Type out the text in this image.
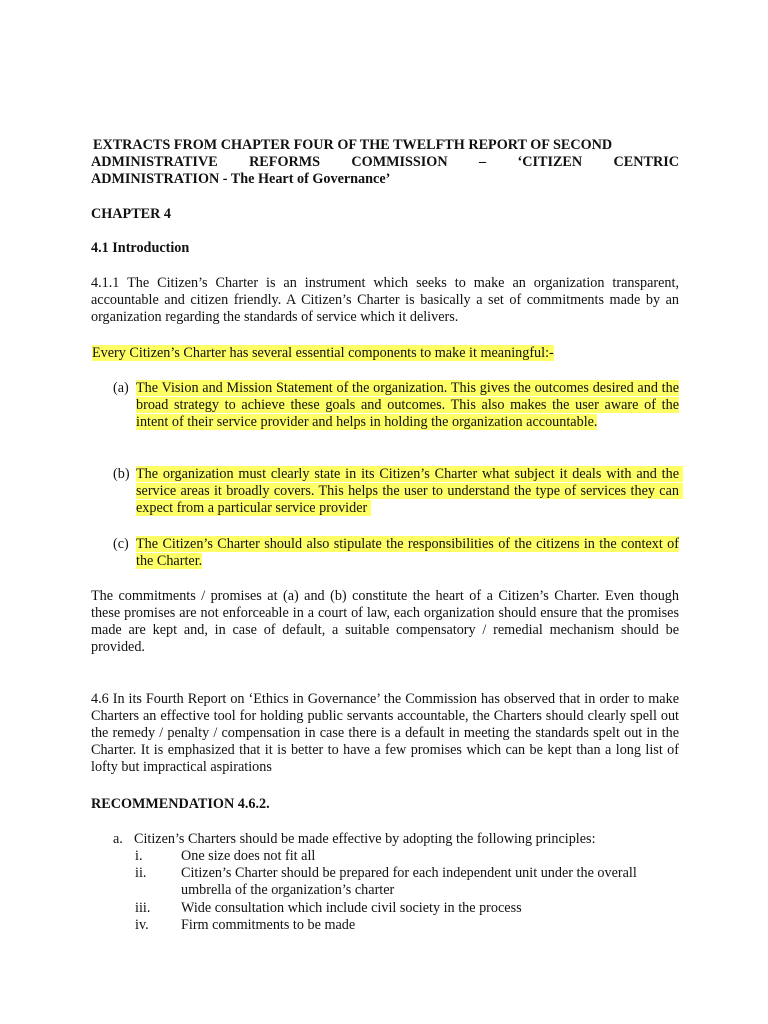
EXTRACTS FROM CHAPTER FOUR OF THE TWELFTH REPORT OF SECOND
ADMINISTRATIVE REFORMS COMMISSION – ‘CITIZEN CENTRIC
ADMINISTRATION - The Heart of Governance’
CHAPTER 4
4.1 Introduction
4.1.1 The Citizen’s Charter is an instrument which seeks to make an organization transparent, accountable and citizen friendly. A Citizen’s Charter is basically a set of commitments made by an organization regarding the standards of service which it delivers.
Every Citizen’s Charter has several essential components to make it meaningful:-
(a) The Vision and Mission Statement of the organization. This gives the outcomes desired and the broad strategy to achieve these goals and outcomes. This also makes the user aware of the intent of their service provider and helps in holding the organization accountable.
(b) The organization must clearly state in its Citizen’s Charter what subject it deals with and the service areas it broadly covers. This helps the user to understand the type of services they can expect from a particular service provider
(c) The Citizen’s Charter should also stipulate the responsibilities of the citizens in the context of the Charter.
The commitments / promises at (a) and (b) constitute the heart of a Citizen’s Charter. Even though these promises are not enforceable in a court of law, each organization should ensure that the promises made are kept and, in case of default, a suitable compensatory / remedial mechanism should be provided.
4.6 In its Fourth Report on ‘Ethics in Governance’ the Commission has observed that in order to make Charters an effective tool for holding public servants accountable, the Charters should clearly spell out the remedy / penalty / compensation in case there is a default in meeting the standards spelt out in the Charter. It is emphasized that it is better to have a few promises which can be kept than a long list of lofty but impractical aspirations
RECOMMENDATION 4.6.2.
a. Citizen’s Charters should be made effective by adopting the following principles:
i.	One size does not fit all
ii. Citizen’s Charter should be prepared for each independent unit under the overall umbrella of the organization’s charter
iii. Wide consultation which include civil society in the process
iv. Firm commitments to be made
